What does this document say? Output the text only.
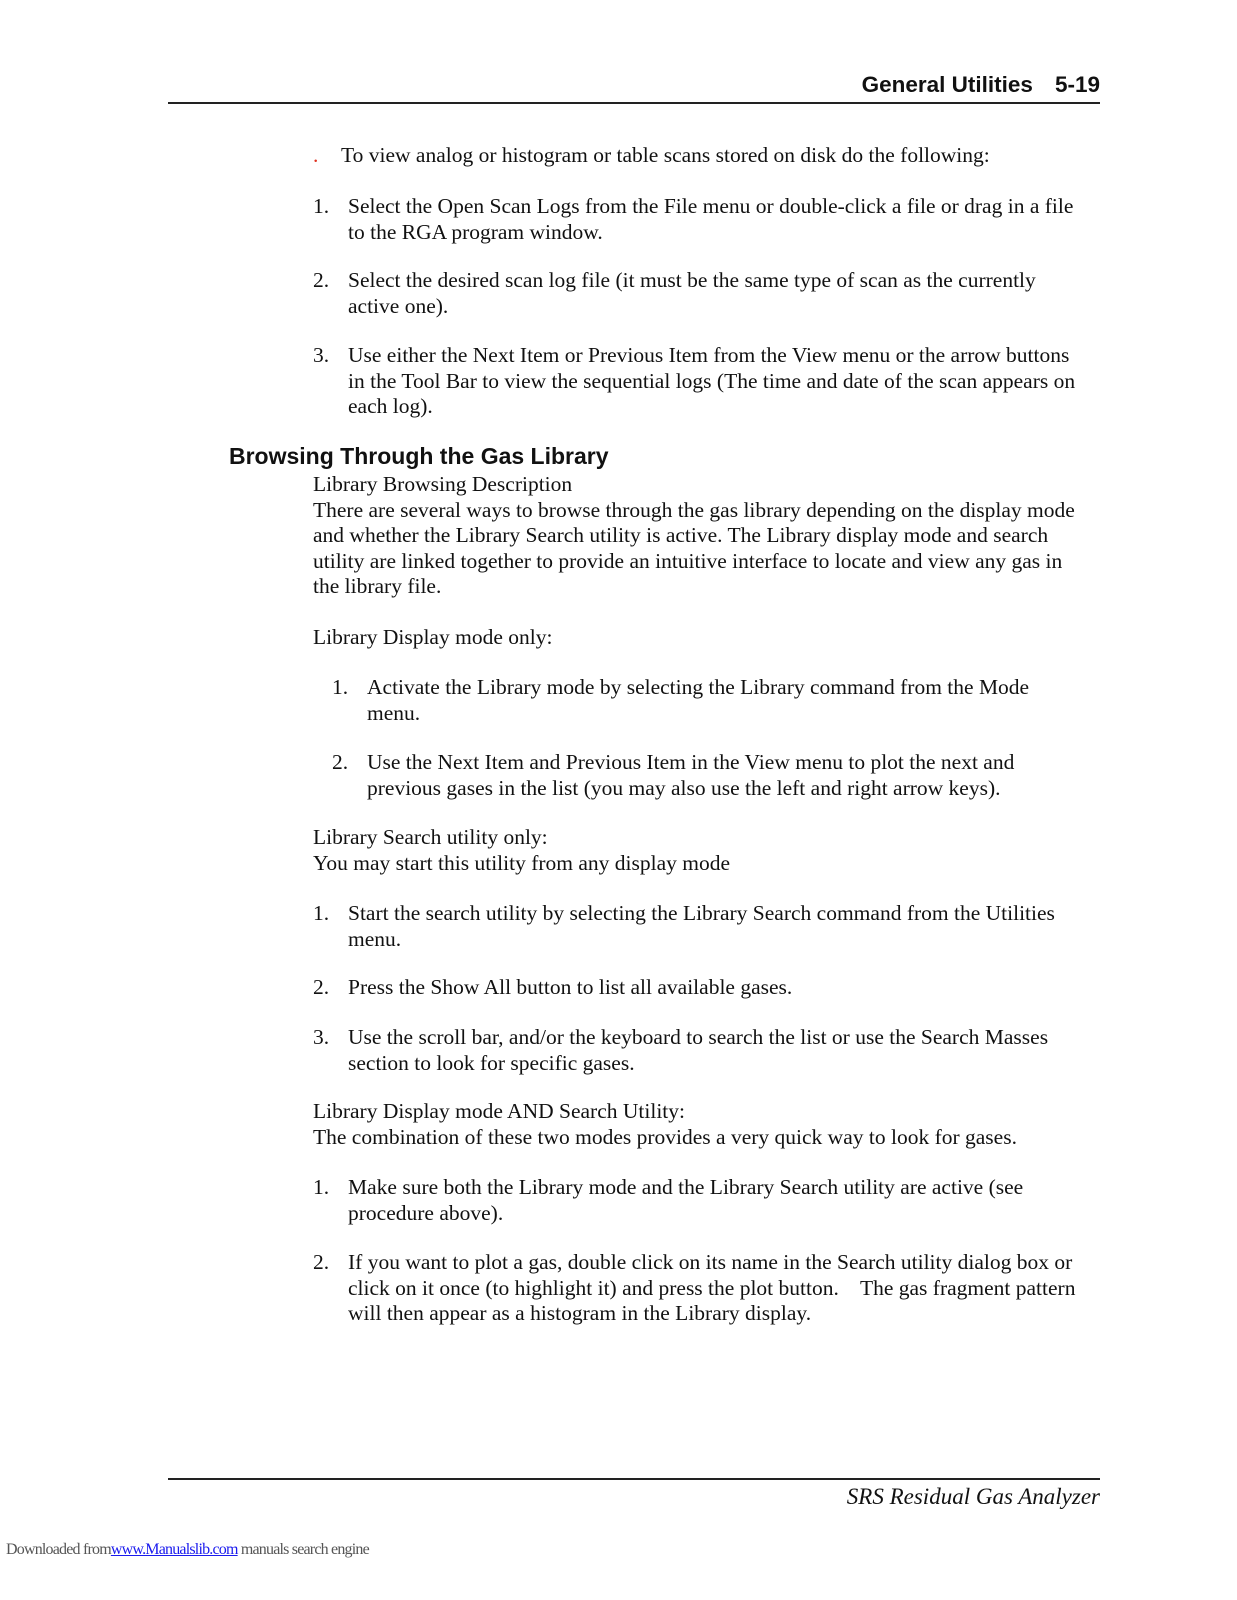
General Utilities 5-19
. To view analog or histogram or table scans stored on disk do the following:
1. Select the Open Scan Logs from the File menu or double-click a file or drag in a file
to the RGA program window.
2. Select the desired scan log file (it must be the same type of scan as the currently
active one).
3. Use either the Next Item or Previous Item from the View menu or the arrow buttons
in the Tool Bar to view the sequential logs (The time and date of the scan appears on
each log).
Browsing Through the Gas Library
Library Browsing Description
There are several ways to browse through the gas library depending on the display mode
and whether the Library Search utility is active. The Library display mode and search
utility are linked together to provide an intuitive interface to locate and view any gas in
the library file.
Library Display mode only:
1. Activate the Library mode by selecting the Library command from the Mode
menu.
2. Use the Next Item and Previous Item in the View menu to plot the next and
previous gases in the list (you may also use the left and right arrow keys).
Library Search utility only:
You may start this utility from any display mode
1. Start the search utility by selecting the Library Search command from the Utilities
menu.
2. Press the Show All button to list all available gases.
3. Use the scroll bar, and/or the keyboard to search the list or use the Search Masses
section to look for specific gases.
Library Display mode AND Search Utility:
The combination of these two modes provides a very quick way to look for gases.
1. Make sure both the Library mode and the Library Search utility are active (see
procedure above).
2. If you want to plot a gas, double click on its name in the Search utility dialog box or
click on it once (to highlight it) and press the plot button.    The gas fragment pattern
will then appear as a histogram in the Library display.
SRS Residual Gas Analyzer
Downloaded fromwww.Manualslib.com manuals search engine
